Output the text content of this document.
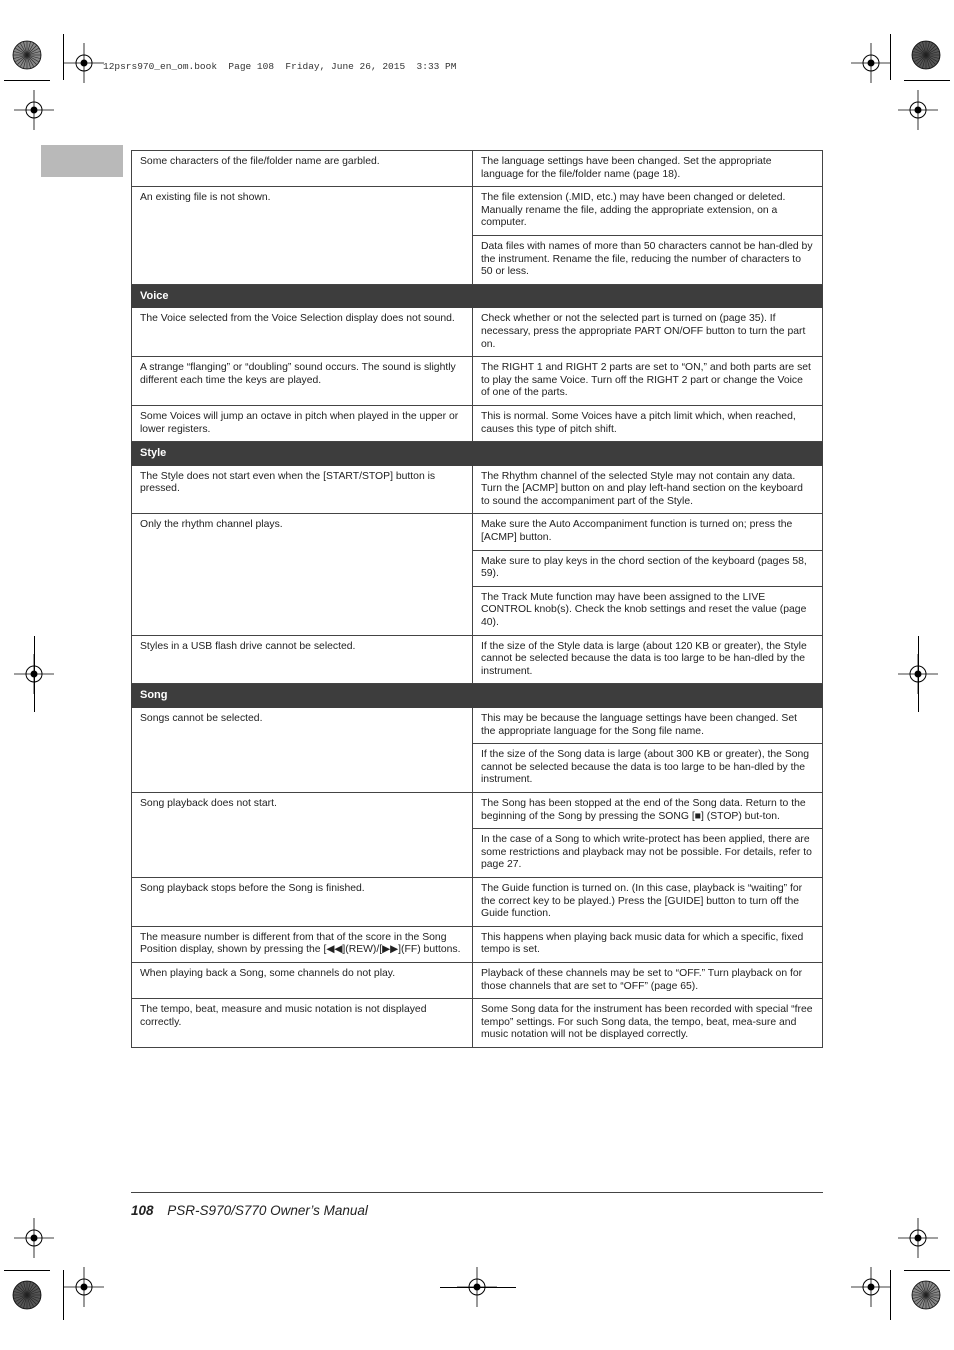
12psrs970_en_om.book  Page 108  Friday, June 26, 2015  3:33 PM
Some characters of the file/folder name are garbled.	The language settings have been changed. Set the appropriate language for the file/folder name (page 18).
An existing file is not shown.	The file extension (.MID, etc.) may have been changed or deleted. Manually rename the file, adding the appropriate extension, on a computer.
	Data files with names of more than 50 characters cannot be han-dled by the instrument. Rename the file, reducing the number of characters to 50 or less.
Voice	
The Voice selected from the Voice Selection display does not sound.	Check whether or not the selected part is turned on (page 35). If necessary, press the appropriate PART ON/OFF button to turn the part on.
A strange “flanging” or “doubling” sound occurs. The sound is slightly different each time the keys are played.	The RIGHT 1 and RIGHT 2 parts are set to “ON,” and both parts are set to play the same Voice. Turn off the RIGHT 2 part or change the Voice of one of the parts.
Some Voices will jump an octave in pitch when played in the upper or lower registers.	This is normal. Some Voices have a pitch limit which, when reached, causes this type of pitch shift.
Style	
The Style does not start even when the [START/STOP] button is pressed.	The Rhythm channel of the selected Style may not contain any data. Turn the [ACMP] button on and play left-hand section on the keyboard to sound the accompaniment part of the Style.
Only the rhythm channel plays.	Make sure the Auto Accompaniment function is turned on; press the [ACMP] button.
	Make sure to play keys in the chord section of the keyboard (pages 58, 59).
	The Track Mute function may have been assigned to the LIVE CONTROL knob(s). Check the knob settings and reset the value (page 40).
Styles in a USB flash drive cannot be selected.	If the size of the Style data is large (about 120 KB or greater), the Style cannot be selected because the data is too large to be han-dled by the instrument.
Song	
Songs cannot be selected.	This may be because the language settings have been changed. Set the appropriate language for the Song file name.
	If the size of the Song data is large (about 300 KB or greater), the Song cannot be selected because the data is too large to be han-dled by the instrument.
Song playback does not start.	The Song has been stopped at the end of the Song data. Return to the beginning of the Song by pressing the SONG [■] (STOP) but-ton.
	In the case of a Song to which write-protect has been applied, there are some restrictions and playback may not be possible. For details, refer to page 27.
Song playback stops before the Song is finished.	The Guide function is turned on. (In this case, playback is “waiting” for the correct key to be played.) Press the [GUIDE] button to turn off the Guide function.
The measure number is different from that of the score in the Song Position display, shown by pressing the [◀◀](REW)/[▶▶](FF) buttons.	This happens when playing back music data for which a specific, fixed tempo is set.
When playing back a Song, some channels do not play.	Playback of these channels may be set to “OFF.” Turn playback on for those channels that are set to “OFF” (page 65).
The tempo, beat, measure and music notation is not displayed correctly.	Some Song data for the instrument has been recorded with special “free tempo” settings. For such Song data, the tempo, beat, mea-sure and music notation will not be displayed correctly.
108 PSR-S970/S770 Owner’s Manual
